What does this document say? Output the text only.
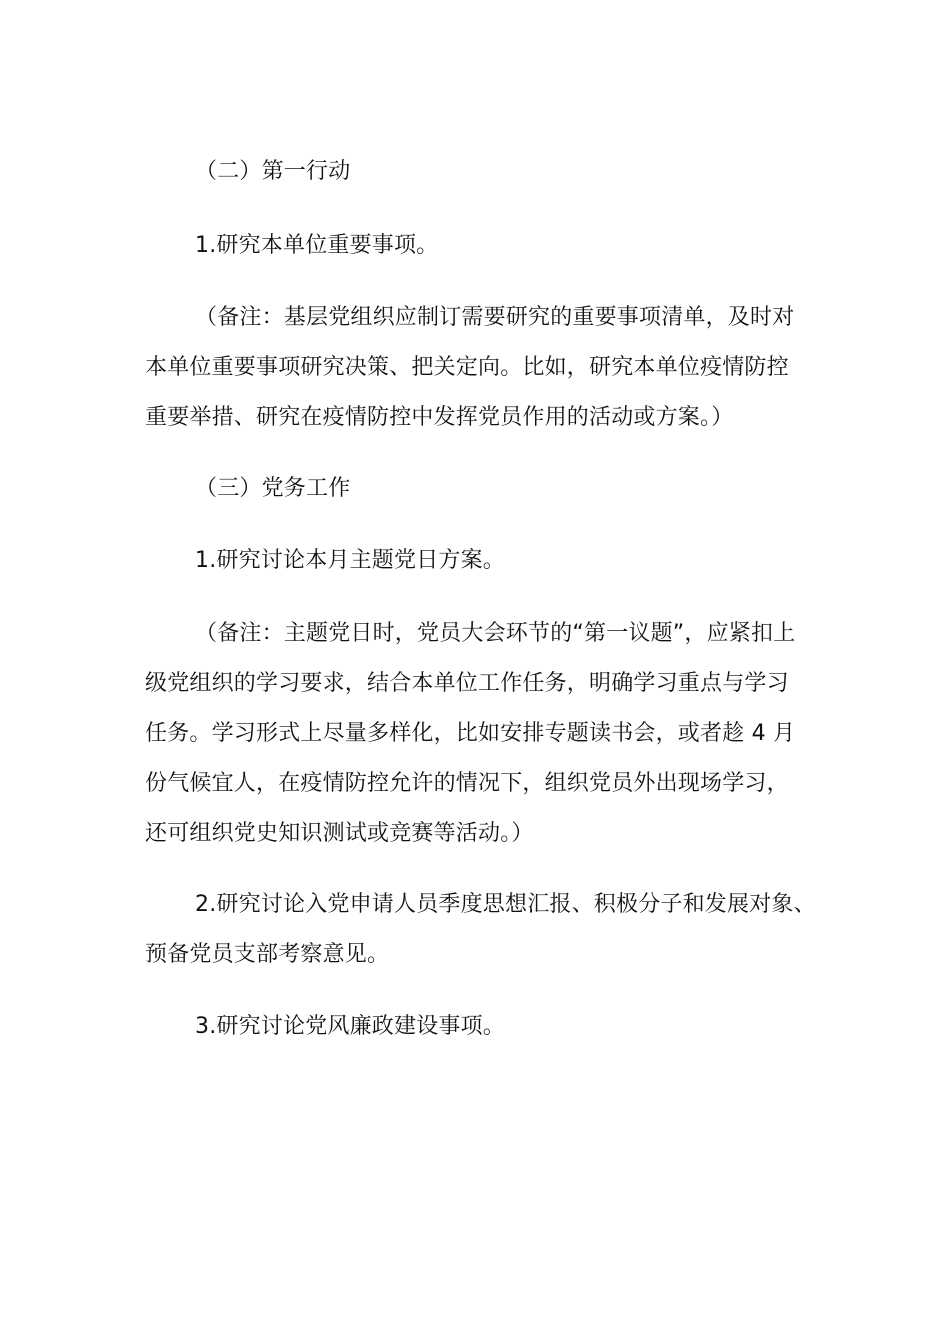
（二）第一行动
1.研究本单位重要事项。
（备注：基层党组织应制订需要研究的重要事项清单，及时对
本单位重要事项研究决策、把关定向。比如，研究本单位疫情防控
重要举措、研究在疫情防控中发挥党员作用的活动或方案。）
（三）党务工作
1.研究讨论本月主题党日方案。
（备注：主题党日时，党员大会环节的“第一议题”，应紧扣上
级党组织的学习要求，结合本单位工作任务，明确学习重点与学习
任务。学习形式上尽量多样化，比如安排专题读书会，或者趁 4 月
份气候宜人，在疫情防控允许的情况下，组织党员外出现场学习，
还可组织党史知识测试或竞赛等活动。）
2.研究讨论入党申请人员季度思想汇报、积极分子和发展对象、
预备党员支部考察意见。
3.研究讨论党风廉政建设事项。
